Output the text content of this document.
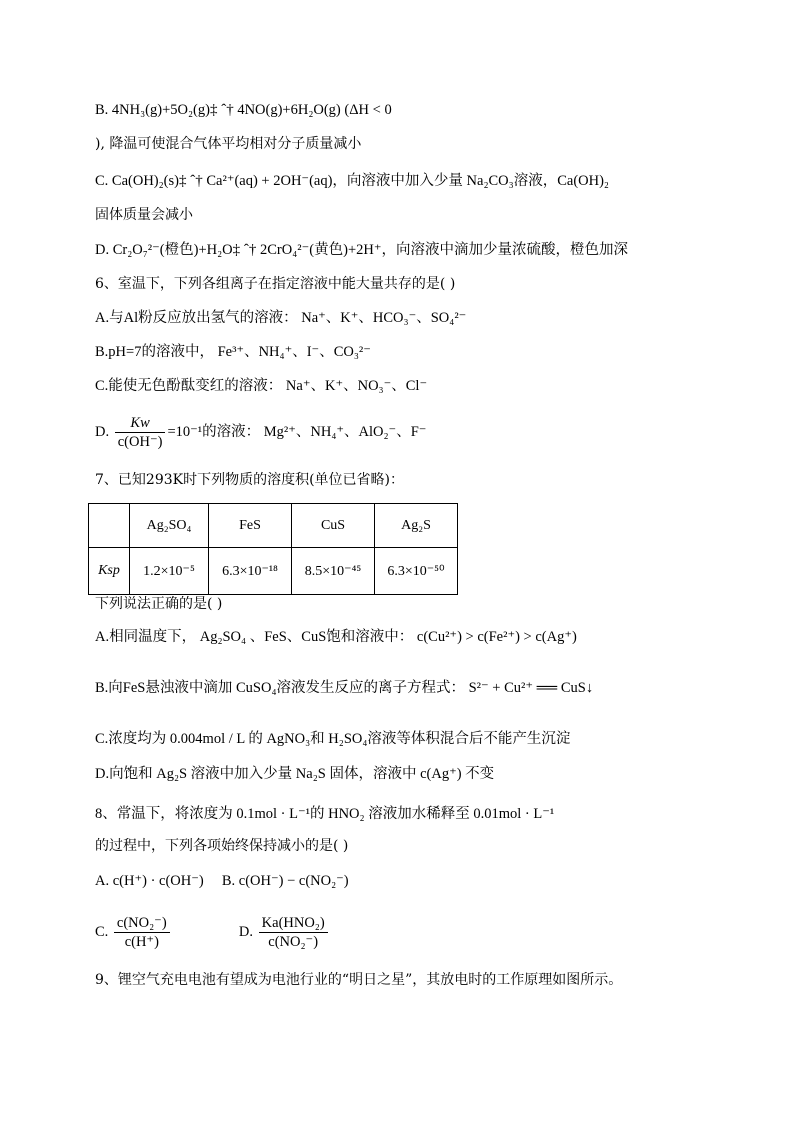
B. 4NH₃(g)+5O₂(g)‡ ˆ† 4NO(g)+6H₂O(g) (ΔH < 0
), 降温可使混合气体平均相对分子质量减小
C. Ca(OH)₂(s)‡ ˆ† Ca²⁺(aq) + 2OH⁻(aq)，向溶液中加入少量 Na₂CO₃溶液，Ca(OH)₂
固体质量会减小
D. Cr₂O₇²⁻(橙色)+H₂O‡ ˆ† 2CrO₄²⁻(黄色)+2H⁺，向溶液中滴加少量浓硫酸，橙色加深
6、室温下，下列各组离子在指定溶液中能大量共存的是( )
A.与Al粉反应放出氢气的溶液： Na⁺、K⁺、HCO₃⁻、SO₄²⁻
B.pH=7的溶液中， Fe³⁺、NH₄⁺、I⁻、CO₃²⁻
C.能使无色酚酞变红的溶液： Na⁺、K⁺、NO₃⁻、Cl⁻
D. $\frac{Kw}{c(OH^-)} =10^{-1}$的溶液： Mg²⁺、NH₄⁺、AlO₂⁻、F⁻
7、已知293K时下列物质的溶度积(单位已省略)：
	Ag₂SO₄	FeS	CuS	Ag₂S
Ksp	1.2×10⁻⁵	6.3×10⁻¹⁸	8.5×10⁻⁴⁵	6.3×10⁻⁵⁰
下列说法正确的是( )
A.相同温度下， Ag₂SO₄ 、FeS、CuS饱和溶液中： c(Cu²⁺) > c(Fe²⁺) > c(Ag⁺)
B.向FeS悬浊液中滴加 CuSO₄溶液发生反应的离子方程式： S²⁻ + Cu²⁺ ══ CuS↓
C.浓度均为 0.004mol / L 的 AgNO₃和 H₂SO₄溶液等体积混合后不能产生沉淀
D.向饱和 Ag₂S 溶液中加入少量 Na₂S 固体，溶液中 c(Ag⁺) 不变
8、常温下，将浓度为 0.1mol · L⁻¹的 HNO₂ 溶液加水稀释至 0.01mol · L⁻¹
的过程中，下列各项始终保持减小的是( )
A. c(H⁺) · c(OH⁻) B. c(OH⁻) − c(NO₂⁻)
C. $\frac{\text{c(NO₂⁻)}}{c(H^+)}$	D. $\frac{\text{Ka(HNO₂)}}{\text{c(NO₂⁻)}}$
9、锂空气充电电池有望成为电池行业的“明日之星”，其放电时的工作原理如图所示。
